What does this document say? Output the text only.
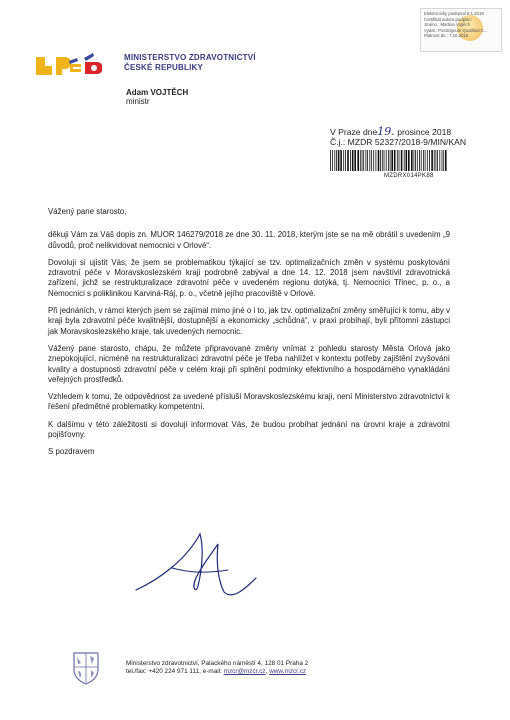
Elektronicky podepsal 8.1.2019
Certifikát autora podpisu:
Jméno : Martina Vojtěch
Vydal : PostSignum Qualified C...
Platnost do : 7.10.2019
MINISTERSTVO ZDRAVOTNICTVÍ
ČESKÉ REPUBLIKY
Adam VOJTĚCH
ministr
V Praze dne19. prosince 2018
Č.j.: MZDR 52327/2018-9/MIN/KAN
MZDRX014PK88

Vážený pane starosto,

děkuji Vám za Váš dopis zn. MUOR 146279/2018 ze dne 30. 11. 2018, kterým jste se na mě obrátil s uvedením „9 důvodů, proč nelikvidovat nemocnici v Orlové“.

Dovoluji si ujistit Vás, že jsem se problematikou týkající se tzv. optimalizačních změn v systému poskytování zdravotní péče v Moravskoslezském kraji podrobně zabýval a dne 14. 12. 2018 jsem navštívil zdravotnická zařízení, jichž se restrukturalizace zdravotní péče v uvedeném regionu dotýká, tj. Nemocnici Třinec, p. o., a Nemocnici s poliklinikou Karviná-Ráj, p. o., včetně jejího pracoviště v Orlové.

Při jednáních, v rámci kterých jsem se zajímal mimo jiné o i to, jak tzv. optimalizační změny směřující k tomu, aby v kraji byla zdravotní péče kvalitnější, dostupnější a ekonomicky „schůdná“, v praxi probíhají, byli přítomni zástupci jak Moravskoslezského kraje, tak uvedených nemocnic.

Vážený pane starosto, chápu, že můžete připravované změny vnímat z pohledu starosty Města Orlová jako znepokojující, nicméně na restrukturalizaci zdravotní péče je třeba nahlížet v kontextu potřeby zajištění zvyšování kvality a dostupnosti zdravotní péče v celém kraji při splnění podmínky efektivního a hospodárného vynakládání veřejných prostředků.

Vzhledem k tomu, že odpovědnost za uvedené přísluší Moravskoslezskému kraji, není Ministerstvo zdravotnictví k řešení předmětné problematiky kompetentní.

K dalšímu v této záležitosti si dovoluji informovat Vás, že budou probíhat jednání na úrovni kraje a zdravotní pojišťovny.

S pozdravem

Ministerstvo zdravotnictví, Palackého náměstí 4, 128 01 Praha 2
tel./fax: +420 224 971 111, e-mail: mzcr@mzcr.cz, www.mzcr.cz
